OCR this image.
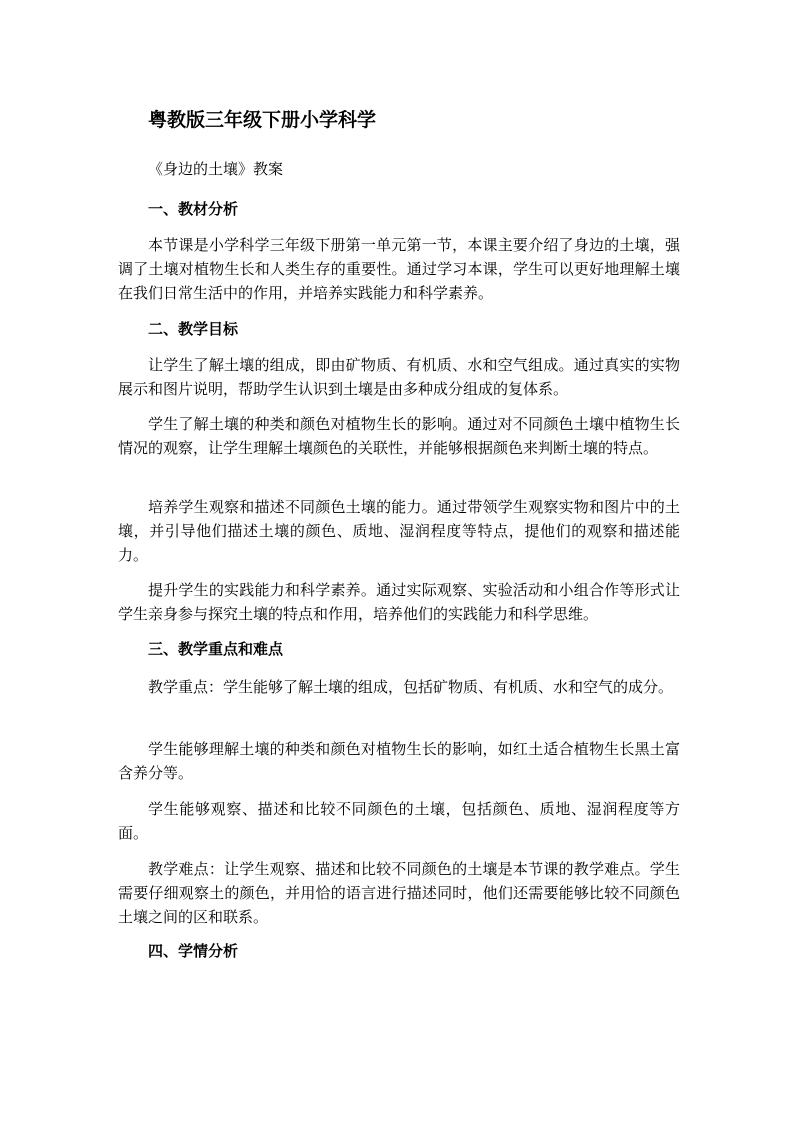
粤教版三年级下册小学科学

《身边的土壤》教案

一、教材分析

本节课是小学科学三年级下册第一单元第一节，本课主要介绍了身边的土壤，强调了土壤对植物生长和人类生存的重要性。通过学习本课，学生可以更好地理解土壤在我们日常生活中的作用，并培养实践能力和科学素养。

二、教学目标

让学生了解土壤的组成，即由矿物质、有机质、水和空气组成。通过真实的实物展示和图片说明，帮助学生认识到土壤是由多种成分组成的复体系。

学生了解土壤的种类和颜色对植物生长的影响。通过对不同颜色土壤中植物生长情况的观察，让学生理解土壤颜色的关联性，并能够根据颜色来判断土壤的特点。

培养学生观察和描述不同颜色土壤的能力。通过带领学生观察实物和图片中的土壤，并引导他们描述土壤的颜色、质地、湿润程度等特点，提他们的观察和描述能力。

提升学生的实践能力和科学素养。通过实际观察、实验活动和小组合作等形式让学生亲身参与探究土壤的特点和作用，培养他们的实践能力和科学思维。

三、教学重点和难点

教学重点：学生能够了解土壤的组成，包括矿物质、有机质、水和空气的成分。

学生能够理解土壤的种类和颜色对植物生长的影响，如红土适合植物生长黑土富含养分等。

学生能够观察、描述和比较不同颜色的土壤，包括颜色、质地、湿润程度等方面。

教学难点：让学生观察、描述和比较不同颜色的土壤是本节课的教学难点。学生需要仔细观察土的颜色，并用恰的语言进行描述同时，他们还需要能够比较不同颜色土壤之间的区和联系。

四、学情分析
